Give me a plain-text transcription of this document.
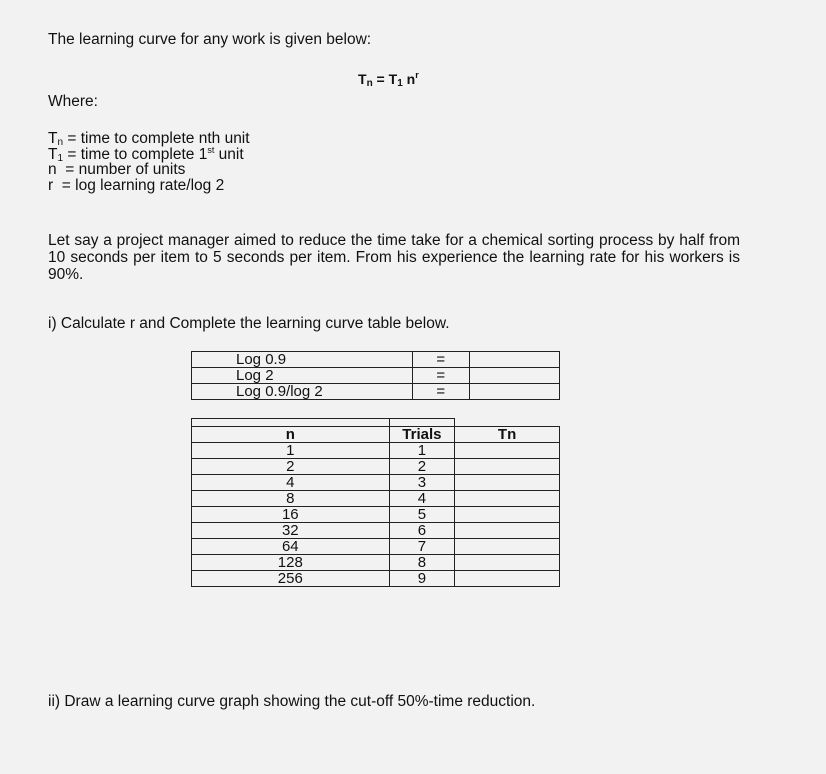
The learning curve for any work is given below:
$T_n = T_1$ $n^r$
Where:
$T_n$ = time to complete nth unit
$T_1$ = time to complete 1st unit
n  = number of units
r  = log learning rate/log 2
Let say a project manager aimed to reduce the time take for a chemical sorting process by half from 10 seconds per item to 5 seconds per item. From his experience the learning rate for his workers is 90%.
i) Calculate r and Complete the learning curve table below.
Log 0.9	=	
Log 2	=	
Log 0.9/log 2	=	

n	Trials	Tn
1	1	
2	2	
4	3	
8	4	
16	5	
32	6	
64	7	
128	8	
256	9	
ii) Draw a learning curve graph showing the cut-off 50%-time reduction.
